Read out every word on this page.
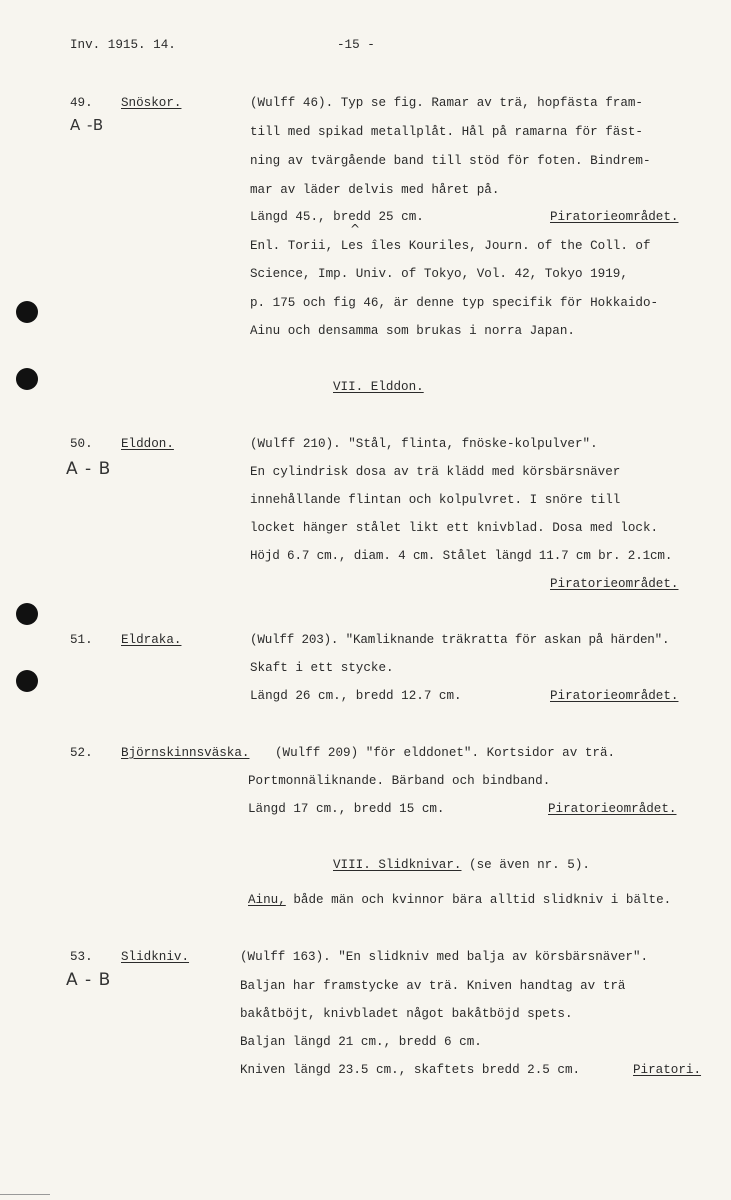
Inv. 1915. 14.	-15 -
49. Snöskor.
A -B
(Wulff 46). Typ se fig. Ramar av trä, hopfästa fram-
till med spikad metallplåt. Hål på ramarna för fäst-
ning av tvärgående band till stöd för foten. Bindrem-
mar av läder delvis med håret på.
Längd 45., bredd 25 cm.	Piratorieområdet.
^
Enl. Torii, Les îles Kouriles, Journ. of the Coll. of
Science, Imp. Univ. of Tokyo, Vol. 42, Tokyo 1919,
p. 175 och fig 46, är denne typ specifik för Hokkaido-
Ainu och densamma som brukas i norra Japan.
VII. Elddon.
50. Elddon.
A - B
(Wulff 210). "Stål, flinta, fnöske-kolpulver".
En cylindrisk dosa av trä klädd med körsbärsnäver
innehållande flintan och kolpulvret. I snöre till
locket hänger stålet likt ett knivblad. Dosa med lock.
Höjd 6.7 cm., diam. 4 cm. Stålet längd 11.7 cm br. 2.1cm.
Piratorieområdet.
51. Eldraka.	(Wulff 203). "Kamliknande träkratta för askan på härden".
Skaft i ett stycke.
Längd 26 cm., bredd 12.7 cm.	Piratorieområdet.
52. Björnskinnsväska. (Wulff 209) "för elddonet". Kortsidor av trä.
Portmonnäliknande. Bärband och bindband.
Längd 17 cm., bredd 15 cm.	Piratorieområdet.
VIII. Slidknivar. (se även nr. 5).
Ainu, både män och kvinnor bära alltid slidkniv i bälte.
53. Slidkniv.
A - B
(Wulff 163). "En slidkniv med balja av körsbärsnäver".
Baljan har framstycke av trä. Kniven handtag av trä
bakåtböjt, knivbladet något bakåtböjd spets.
Baljan längd 21 cm., bredd 6 cm.
Kniven längd 23.5 cm., skaftets bredd 2.5 cm.	Piratori.
